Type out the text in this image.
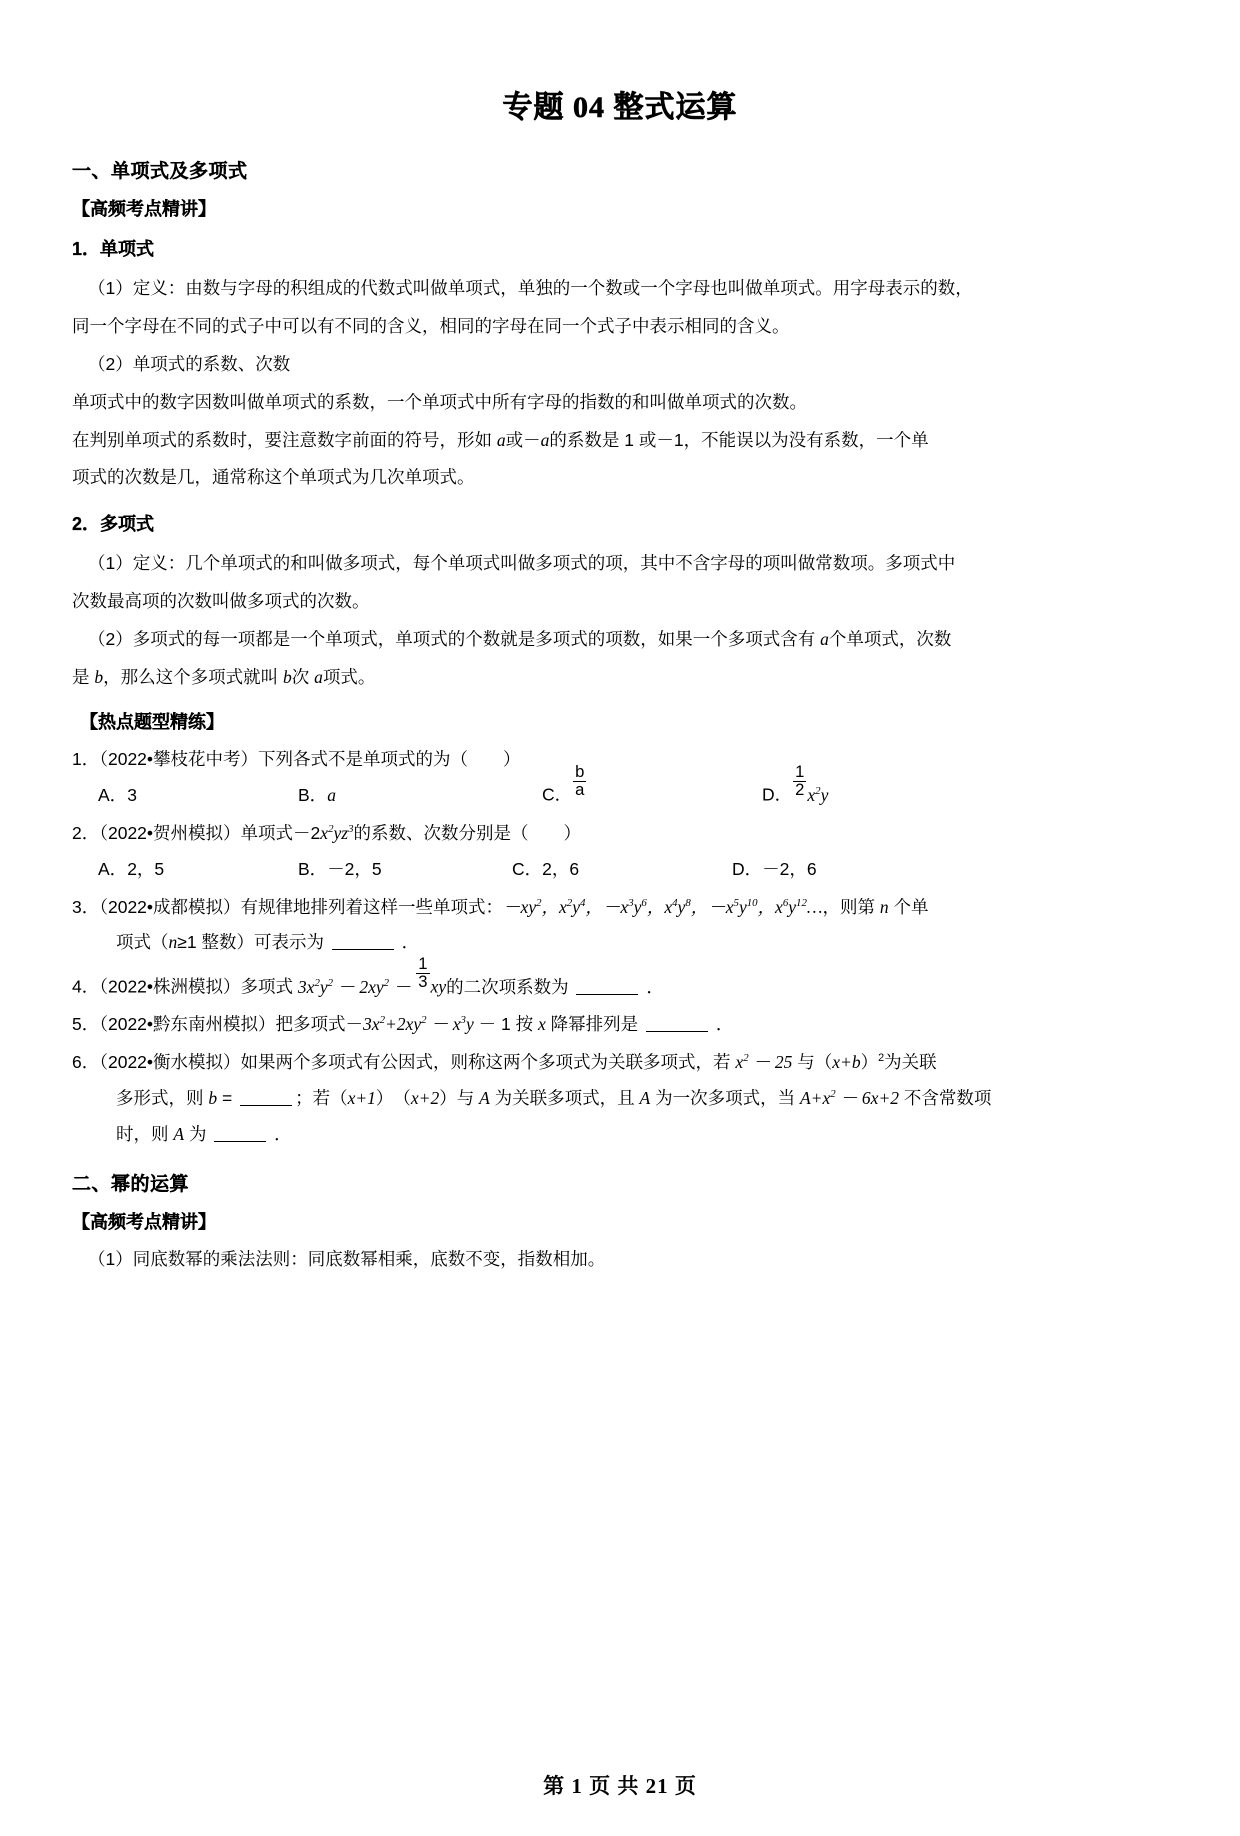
专题 04 整式运算
一、单项式及多项式
【高频考点精讲】
1．单项式

（1）定义：由数与字母的积组成的代数式叫做单项式，单独的一个数或一个字母也叫做单项式。用字母表示的数，

同一个字母在不同的式子中可以有不同的含义，相同的字母在同一个式子中表示相同的含义。

（2）单项式的系数、次数

单项式中的数字因数叫做单项式的系数，一个单项式中所有字母的指数的和叫做单项式的次数。

在判别单项式的系数时，要注意数字前面的符号，形如 a或－a的系数是 1 或－1，不能误以为没有系数，一个单

项式的次数是几，通常称这个单项式为几次单项式。

2．多项式

（1）定义：几个单项式的和叫做多项式，每个单项式叫做多项式的项，其中不含字母的项叫做常数项。多项式中

次数最高项的次数叫做多项式的次数。

（2）多项式的每一项都是一个单项式，单项式的个数就是多项式的项数，如果一个多项式含有 a个单项式，次数

是 b，那么这个多项式就叫 b次 a项式。

【热点题型精练】
1．（2022•攀枝花中考）下列各式不是单项式的为（　　）
A．3	B．a	C． $\frac{b}{a}$	D． $\frac{1}{2} x^2y$
2．（2022•贺州模拟）单项式$-2x^2yz^3$的系数、次数分别是（　　）
A．2，5	B．－2，5	C．2，6	D．－2，6
3．（2022•成都模拟）有规律地排列着这样一些单项式：$-xy^2$，$x^2y^4$，$-x^3y^6$，$x^4y^8$，$-x^5y^{10}$，$x^6y^{12}\dots$，则第 n 个单
项式（n≥1 整数）可表示为	．
4．（2022•株洲模拟）多项式 $3x^2y^2 - 2xy^2 - \frac{1}{3}$ xy的二次项系数为	．
5．（2022•黔东南州模拟）把多项式$-3x^2+2xy^2 - x^3y - 1$ 按 x 降幂排列是	．
6．（2022•衡水模拟）如果两个多项式有公因式，则称这两个多项式为关联多项式，若 $x^2 - 25$ 与$(x+b)^2$为关联
多形式，则 b =	；若（x+1）　（x+2）与 A 为关联多项式，且 A 为一次多项式，当 $A+x^2 - 6x+2$ 不含常数项
时，则 A 为	．
二、幂的运算
【高频考点精讲】

（1）同底数幂的乘法法则：同底数幂相乘，底数不变，指数相加。

第 1 页 共 21 页
